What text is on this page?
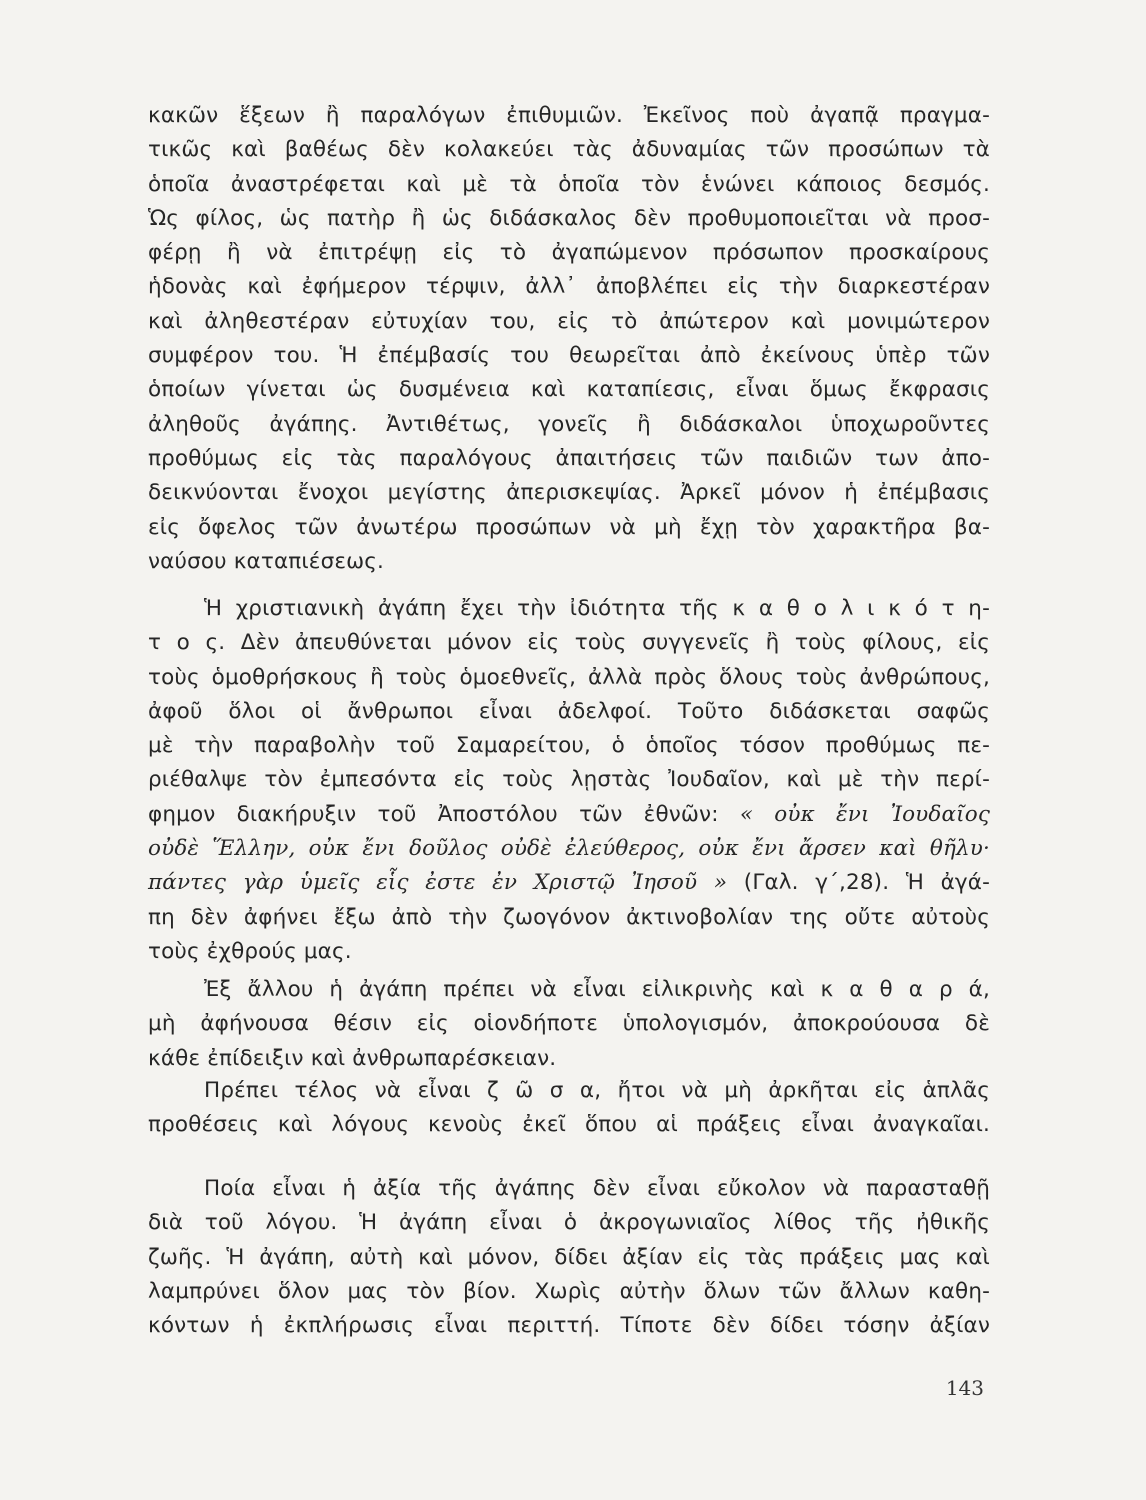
κακῶν ἕξεων ἢ παραλόγων ἐπιθυμιῶν. Ἐκεῖνος ποὺ ἀγαπᾷ πραγμα-
τικῶς καὶ βαθέως δὲν κολακεύει τὰς ἀδυναμίας τῶν προσώπων τὰ
ὁποῖα ἀναστρέφεται καὶ μὲ τὰ ὁποῖα τὸν ἑνώνει κάποιος δεσμός.
Ὡς φίλος, ὡς πατὴρ ἢ ὡς διδάσκαλος δὲν προθυμοποιεῖται νὰ προσ-
φέρῃ ἢ νὰ ἐπιτρέψῃ εἰς τὸ ἀγαπώμενον πρόσωπον προσκαίρους
ἡδονὰς καὶ ἐφήμερον τέρψιν, ἀλλ᾽ ἀποβλέπει εἰς τὴν διαρκεστέραν
καὶ ἀληθεστέραν εὐτυχίαν του, εἰς τὸ ἀπώτερον καὶ μονιμώτερον
συμφέρον του. Ἡ ἐπέμβασίς του θεωρεῖται ἀπὸ ἐκείνους ὑπὲρ τῶν
ὁποίων γίνεται ὡς δυσμένεια καὶ καταπίεσις, εἶναι ὅμως ἔκφρασις
ἀληθοῦς ἀγάπης. Ἀντιθέτως, γονεῖς ἢ διδάσκαλοι ὑποχωροῦντες
προθύμως εἰς τὰς παραλόγους ἀπαιτήσεις τῶν παιδιῶν των ἀπο-
δεικνύονται ἔνοχοι μεγίστης ἀπερισκεψίας. Ἀρκεῖ μόνον ἡ ἐπέμβασις
εἰς ὄφελος τῶν ἀνωτέρω προσώπων νὰ μὴ ἔχῃ τὸν χαρακτῆρα βα-
ναύσου καταπιέσεως.
Ἡ χριστιανικὴ ἀγάπη ἔχει τὴν ἰδιότητα τῆς κ α θ ο λ ι κ ό τ η-
τ ο ς. Δὲν ἀπευθύνεται μόνον εἰς τοὺς συγγενεῖς ἢ τοὺς φίλους, εἰς
τοὺς ὁμοθρήσκους ἢ τοὺς ὁμοεθνεῖς, ἀλλὰ πρὸς ὅλους τοὺς ἀνθρώπους,
ἀφοῦ ὅλοι οἱ ἄνθρωποι εἶναι ἀδελφοί. Τοῦτο διδάσκεται σαφῶς
μὲ τὴν παραβολὴν τοῦ Σαμαρείτου, ὁ ὁποῖος τόσον προθύμως πε-
ριέθαλψε τὸν ἐμπεσόντα εἰς τοὺς λῃστὰς Ἰουδαῖον, καὶ μὲ τὴν περί-
φημον διακήρυξιν τοῦ Ἀποστόλου τῶν ἐθνῶν: « οὐκ ἔνι Ἰουδαῖος
οὐδὲ Ἕλλην, οὐκ ἔνι δοῦλος οὐδὲ ἐλεύθερος, οὐκ ἔνι ἄρσεν καὶ θῆλυ·
πάντες γὰρ ὑμεῖς εἷς ἐστε ἐν Χριστῷ Ἰησοῦ » (Γαλ. γ΄,28). Ἡ ἀγά-
πη δὲν ἀφήνει ἔξω ἀπὸ τὴν ζωογόνον ἀκτινοβολίαν της οὔτε αὐτοὺς
τοὺς ἐχθρούς μας.
Ἐξ ἄλλου ἡ ἀγάπη πρέπει νὰ εἶναι εἰλικρινὴς καὶ κ α θ α ρ ά,
μὴ ἀφήνουσα θέσιν εἰς οἱονδήποτε ὑπολογισμόν, ἀποκρούουσα δὲ
κάθε ἐπίδειξιν καὶ ἀνθρωπαρέσκειαν.
Πρέπει τέλος νὰ εἶναι ζ ῶ σ α, ἤτοι νὰ μὴ ἀρκῆται εἰς ἁπλᾶς
προθέσεις καὶ λόγους κενοὺς ἐκεῖ ὅπου αἱ πράξεις εἶναι ἀναγκαῖαι.
Ποία εἶναι ἡ ἀξία τῆς ἀγάπης δὲν εἶναι εὔκολον νὰ παρασταθῇ
διὰ τοῦ λόγου. Ἡ ἀγάπη εἶναι ὁ ἀκρογωνιαῖος λίθος τῆς ἠθικῆς
ζωῆς. Ἡ ἀγάπη, αὐτὴ καὶ μόνον, δίδει ἀξίαν εἰς τὰς πράξεις μας καὶ
λαμπρύνει ὅλον μας τὸν βίον. Χωρὶς αὐτὴν ὅλων τῶν ἄλλων καθη-
κόντων ἡ ἐκπλήρωσις εἶναι περιττή. Τίποτε δὲν δίδει τόσην ἀξίαν
143
